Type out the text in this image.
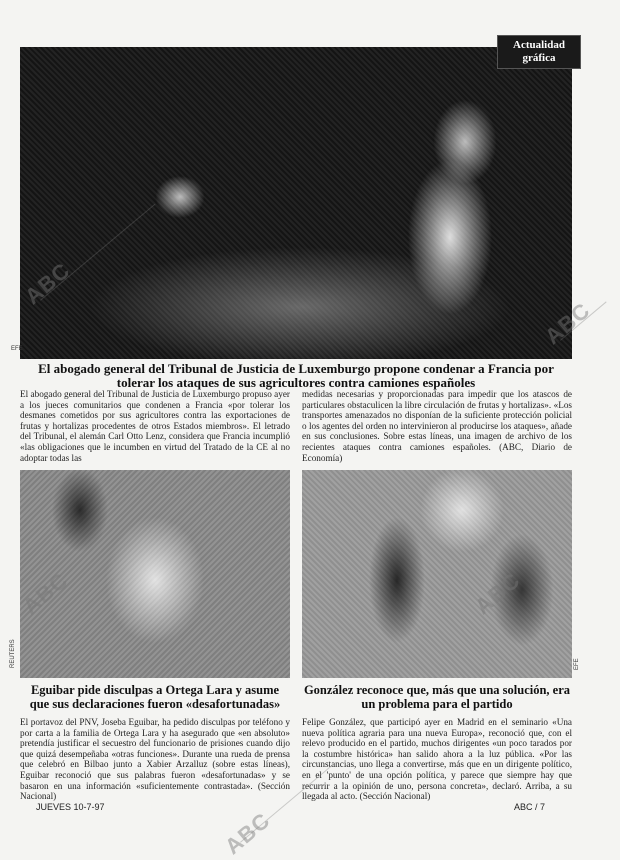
EFE
Actualidad
gráfica
El abogado general del Tribunal de Justicia de Luxemburgo propone condenar a Francia por tolerar los ataques de sus agricultores contra camiones españoles
El abogado general del Tribunal de Justicia de Luxemburgo propuso ayer a los jueces comunitarios que condenen a Francia «por tolerar los desmanes cometidos por sus agricultores contra las exportaciones de frutas y hortalizas procedentes de otros Estados miembros». El letrado del Tribunal, el alemán Carl Otto Lenz, considera que Francia incumplió «las obligaciones que le incumben en virtud del Tratado de la CE al no adoptar todas las
medidas necesarias y proporcionadas para impedir que los atascos de particulares obstaculicen la libre circulación de frutas y hortalizas». «Los transportes amenazados no disponían de la suficiente protección policial o los agentes del orden no intervinieron al producirse los ataques», añade en sus conclusiones. Sobre estas líneas, una imagen de archivo de los recientes ataques contra camiones españoles. (ABC, Diario de Economía)
REUTERS	EFE
Eguibar pide disculpas a Ortega Lara y asume que sus declaraciones fueron «desafortunadas»
González reconoce que, más que una solución, era un problema para el partido
El portavoz del PNV, Joseba Eguibar, ha pedido disculpas por teléfono y por carta a la familia de Ortega Lara y ha asegurado que «en absoluto» pretendía justificar el secuestro del funcionario de prisiones cuando dijo que quizá desempeñaba «otras funciones». Durante una rueda de prensa que celebró en Bilbao junto a Xabier Arzalluz (sobre estas líneas), Eguibar reconoció que sus palabras fueron «desafortunadas» y se basaron en una información «suficientemente contrastada». (Sección Nacional)
Felipe González, que participó ayer en Madrid en el seminario «Una nueva política agraria para una nueva Europa», reconoció que, con el relevo producido en el partido, muchos dirigentes «un poco tarados por la costumbre histórica» han salido ahora a la luz pública. «Por las circunstancias, uno llega a convertirse, más que en un dirigente político, en el 'punto' de una opción política, y parece que siempre hay que recurrir a la opinión de uno, persona concreta», declaró. Arriba, a su llegada al acto. (Sección Nacional)
JUEVES 10-7-97	ABC / 7
ABC
ABC
ABC
ABC
ABC
